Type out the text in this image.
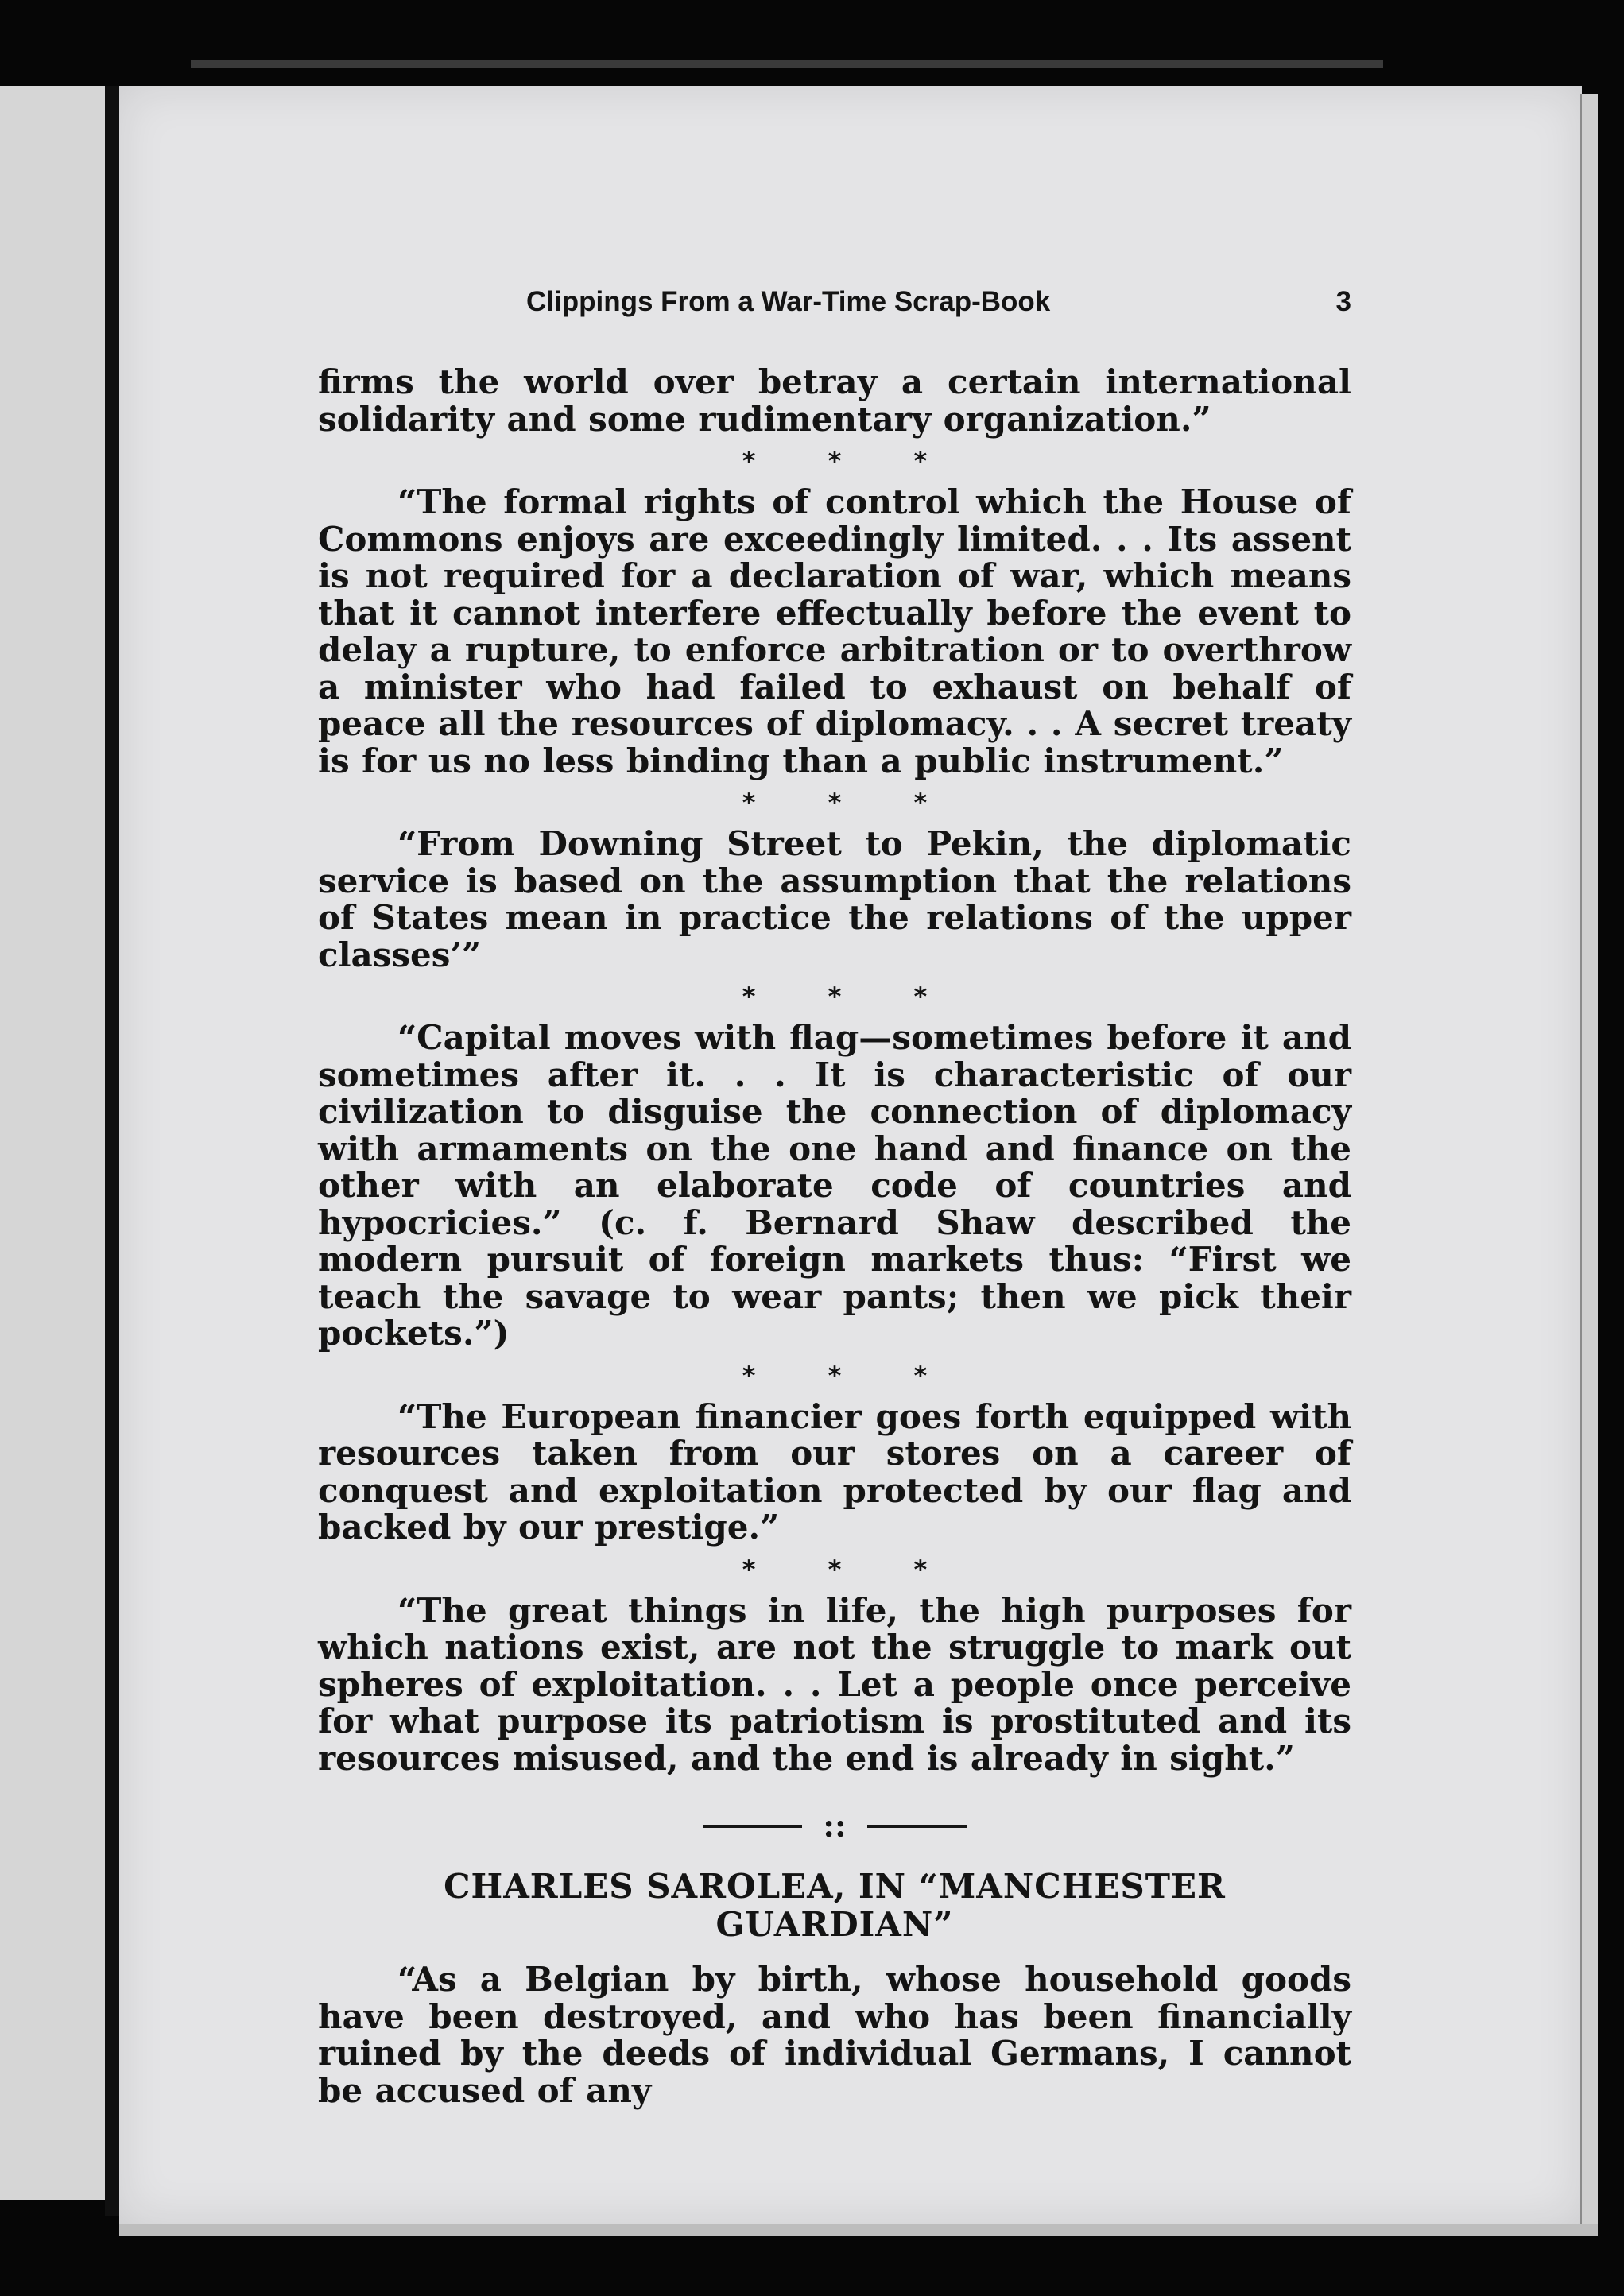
Clippings From a War-Time Scrap-Book	3

firms the world over betray a certain international solidarity and some rudimentary organization.”

* * *

“The formal rights of control which the House of Commons enjoys are exceedingly limited. . . Its assent is not required for a declaration of war, which means that it cannot interfere effectually before the event to delay a rupture, to enforce arbitration or to overthrow a minister who had failed to exhaust on behalf of peace all the resources of diplomacy. . . A secret treaty is for us no less binding than a public instrument.”

* * *

“From Downing Street to Pekin, the diplomatic service is based on the assumption that the relations of States mean in practice the relations of the upper classes’”

* * *

“Capital moves with flag—sometimes before it and sometimes after it. . . It is characteristic of our civilization to disguise the connection of diplomacy with armaments on the one hand and finance on the other with an elaborate code of countries and hypocricies.” (c. f. Bernard Shaw described the modern pursuit of foreign markets thus: “First we teach the savage to wear pants; then we pick their pockets.”)

* * *

“The European financier goes forth equipped with resources taken from our stores on a career of conquest and exploitation protected by our flag and backed by our prestige.”

* * *

“The great things in life, the high purposes for which nations exist, are not the struggle to mark out spheres of exploitation. . . Let a people once perceive for what purpose its patriotism is prostituted and its resources misused, and the end is already in sight.”

::
CHARLES SAROLEA, IN “MANCHESTER
GUARDIAN”

“As a Belgian by birth, whose household goods have been destroyed, and who has been financially ruined by the deeds of individual Germans, I cannot be accused of any
